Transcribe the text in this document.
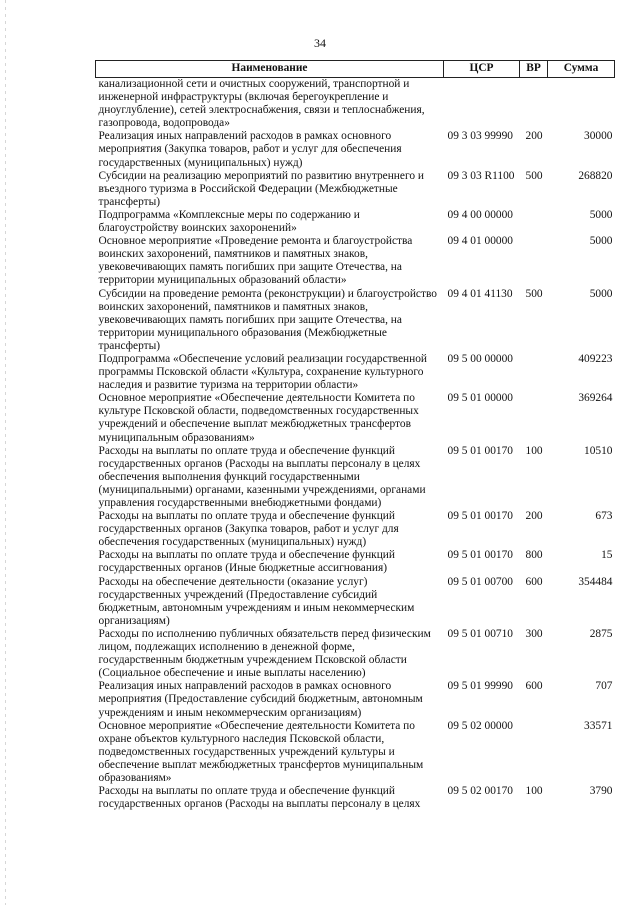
34
Наименование	ЦСР	ВР	Сумма
канализационной сети и очистных сооружений, транспортной и инженерной инфраструктуры (включая берегоукрепление и дноуглубление), сетей электроснабжения, связи и теплоснабжения, газопровода, водопровода»			
Реализация иных направлений расходов в рамках основного мероприятия (Закупка товаров, работ и услуг для обеспечения государственных (муниципальных) нужд)	09 3 03 99990	200	30000
Субсидии на реализацию мероприятий по развитию внутреннего и въездного туризма в Российской Федерации (Межбюджетные трансферты)	09 3 03 R1100	500	268820
Подпрограмма «Комплексные меры по содержанию и благоустройству воинских захоронений»	09 4 00 00000		5000
Основное мероприятие «Проведение ремонта и благоустройства воинских захоронений, памятников и памятных знаков, увековечивающих память погибших при защите Отечества, на территории муниципальных образований области»	09 4 01 00000		5000
Субсидии на проведение ремонта (реконструкции) и благоустройство воинских захоронений, памятников и памятных знаков, увековечивающих память погибших при защите Отечества, на территории муниципального образования (Межбюджетные трансферты)	09 4 01 41130	500	5000
Подпрограмма «Обеспечение условий реализации государственной программы Псковской области «Культура, сохранение культурного наследия и развитие туризма на территории области»	09 5 00 00000		409223
Основное мероприятие «Обеспечение деятельности Комитета по культуре Псковской области, подведомственных государственных учреждений и обеспечение выплат межбюджетных трансфертов муниципальным образованиям»	09 5 01 00000		369264
Расходы на выплаты по оплате труда и обеспечение функций государственных органов (Расходы на выплаты персоналу в целях обеспечения выполнения функций государственными (муниципальными) органами, казенными учреждениями, органами управления государственными внебюджетными фондами)	09 5 01 00170	100	10510
Расходы на выплаты по оплате труда и обеспечение функций государственных органов (Закупка товаров, работ и услуг для обеспечения государственных (муниципальных) нужд)	09 5 01 00170	200	673
Расходы на выплаты по оплате труда и обеспечение функций государственных органов (Иные бюджетные ассигнования)	09 5 01 00170	800	15
Расходы на обеспечение деятельности (оказание услуг) государственных учреждений (Предоставление субсидий бюджетным, автономным учреждениям и иным некоммерческим организациям)	09 5 01 00700	600	354484
Расходы по исполнению публичных обязательств перед физическим лицом, подлежащих исполнению в денежной форме, государственным бюджетным учреждением Псковской области (Социальное обеспечение и иные выплаты населению)	09 5 01 00710	300	2875
Реализация иных направлений расходов в рамках основного мероприятия (Предоставление субсидий бюджетным, автономным учреждениям и иным некоммерческим организациям)	09 5 01 99990	600	707
Основное мероприятие «Обеспечение деятельности Комитета по охране объектов культурного наследия Псковской области, подведомственных государственных учреждений культуры и обеспечение выплат межбюджетных трансфертов муниципальным образованиям»	09 5 02 00000		33571
Расходы на выплаты по оплате труда и обеспечение функций государственных органов (Расходы на выплаты персоналу в целях	09 5 02 00170	100	3790
